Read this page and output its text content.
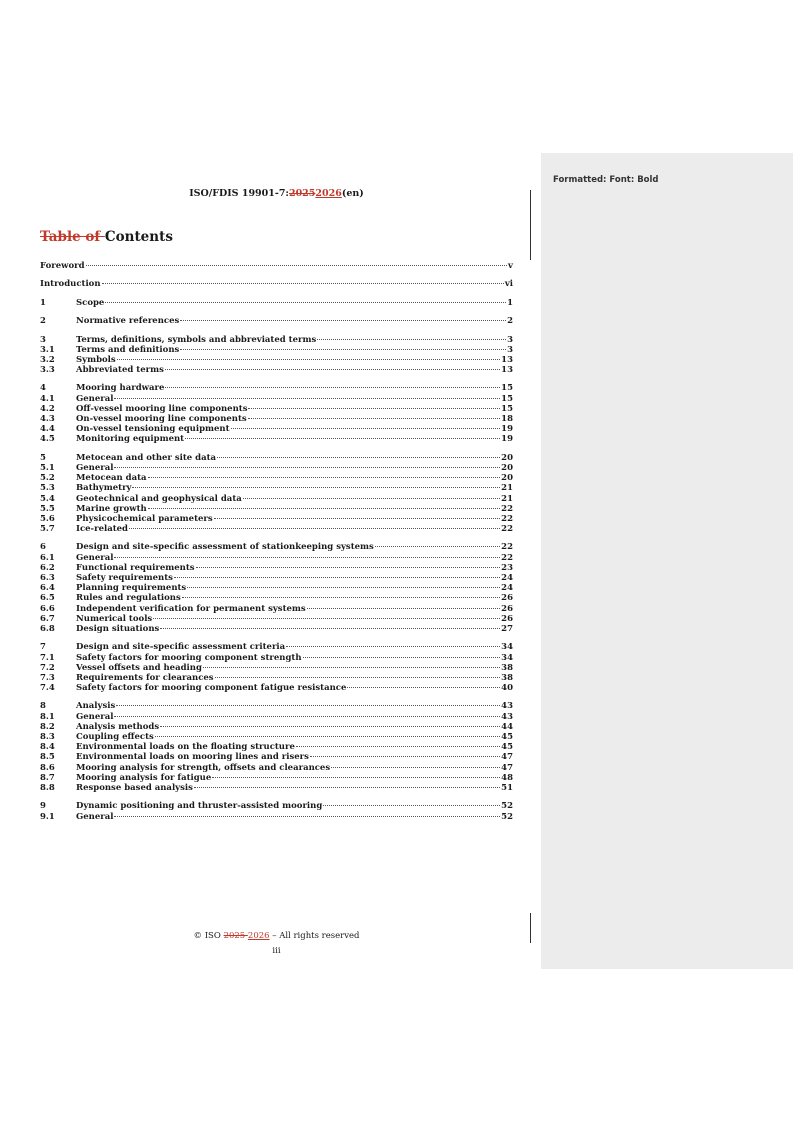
ISO/FDIS 19901-7:20252026(en)
Table of Contents
Foreword	v
Introduction	vi
1	Scope	1
2	Normative references	2
3	Terms, definitions, symbols and abbreviated terms	3
3.1	Terms and definitions	3
3.2	Symbols	13
3.3	Abbreviated terms	13
4	Mooring hardware	15
4.1	General	15
4.2	Off-vessel mooring line components	15
4.3	On-vessel mooring line components	18
4.4	On-vessel tensioning equipment	19
4.5	Monitoring equipment	19
5	Metocean and other site data	20
5.1	General	20
5.2	Metocean data	20
5.3	Bathymetry	21
5.4	Geotechnical and geophysical data	21
5.5	Marine growth	22
5.6	Physicochemical parameters	22
5.7	Ice-related	22
6	Design and site-specific assessment of stationkeeping systems	22
6.1	General	22
6.2	Functional requirements	23
6.3	Safety requirements	24
6.4	Planning requirements	24
6.5	Rules and regulations	26
6.6	Independent verification for permanent systems	26
6.7	Numerical tools	26
6.8	Design situations	27
7	Design and site-specific assessment criteria	34
7.1	Safety factors for mooring component strength	34
7.2	Vessel offsets and heading	38
7.3	Requirements for clearances	38
7.4	Safety factors for mooring component fatigue resistance	40
8	Analysis	43
8.1	General	43
8.2	Analysis methods	44
8.3	Coupling effects	45
8.4	Environmental loads on the floating structure	45
8.5	Environmental loads on mooring lines and risers	47
8.6	Mooring analysis for strength, offsets and clearances	47
8.7	Mooring analysis for fatigue	48
8.8	Response based analysis	51
9	Dynamic positioning and thruster-assisted mooring	52
9.1	General	52
Formatted: Font: Bold
© ISO 2025 2026 – All rights reserved
iii
